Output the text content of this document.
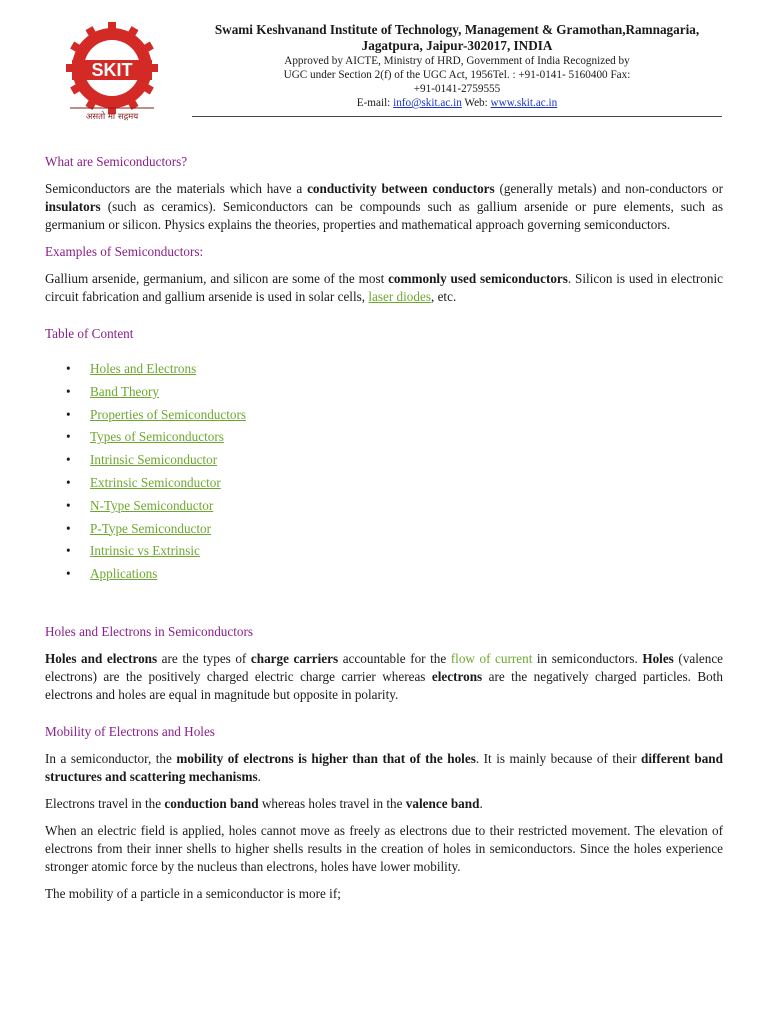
SKIT
असतो मा सद्गमय

Swami Keshvanand Institute of Technology, Management & Gramothan,Ramnagaria,

Jagatpura, Jaipur-302017, INDIA

Approved by AICTE, Ministry of HRD, Government of India Recognized by

UGC under Section 2(f) of the UGC Act, 1956Tel. : +91-0141- 5160400 Fax:

+91-0141-2759555

E-mail: info@skit.ac.in Web: www.skit.ac.in

What are Semiconductors?

Semiconductors are the materials which have a conductivity between conductors (generally metals) and non-conductors or insulators (such as ceramics). Semiconductors can be compounds such as gallium arsenide or pure elements, such as germanium or silicon. Physics explains the theories, properties and mathematical approach governing semiconductors.

Examples of Semiconductors:

Gallium arsenide, germanium, and silicon are some of the most commonly used semiconductors. Silicon is used in electronic circuit fabrication and gallium arsenide is used in solar cells, laser diodes, etc.

Table of Content

• Holes and Electrons
• Band Theory
• Properties of Semiconductors
• Types of Semiconductors
• Intrinsic Semiconductor
• Extrinsic Semiconductor
• N-Type Semiconductor
• P-Type Semiconductor
• Intrinsic vs Extrinsic
• Applications

Holes and Electrons in Semiconductors

Holes and electrons are the types of charge carriers accountable for the flow of current in semiconductors. Holes (valence electrons) are the positively charged electric charge carrier whereas electrons are the negatively charged particles. Both electrons and holes are equal in magnitude but opposite in polarity.

Mobility of Electrons and Holes

In a semiconductor, the mobility of electrons is higher than that of the holes. It is mainly because of their different band structures and scattering mechanisms.

Electrons travel in the conduction band whereas holes travel in the valence band.

When an electric field is applied, holes cannot move as freely as electrons due to their restricted movement. The elevation of electrons from their inner shells to higher shells results in the creation of holes in semiconductors. Since the holes experience stronger atomic force by the nucleus than electrons, holes have lower mobility.

The mobility of a particle in a semiconductor is more if;
